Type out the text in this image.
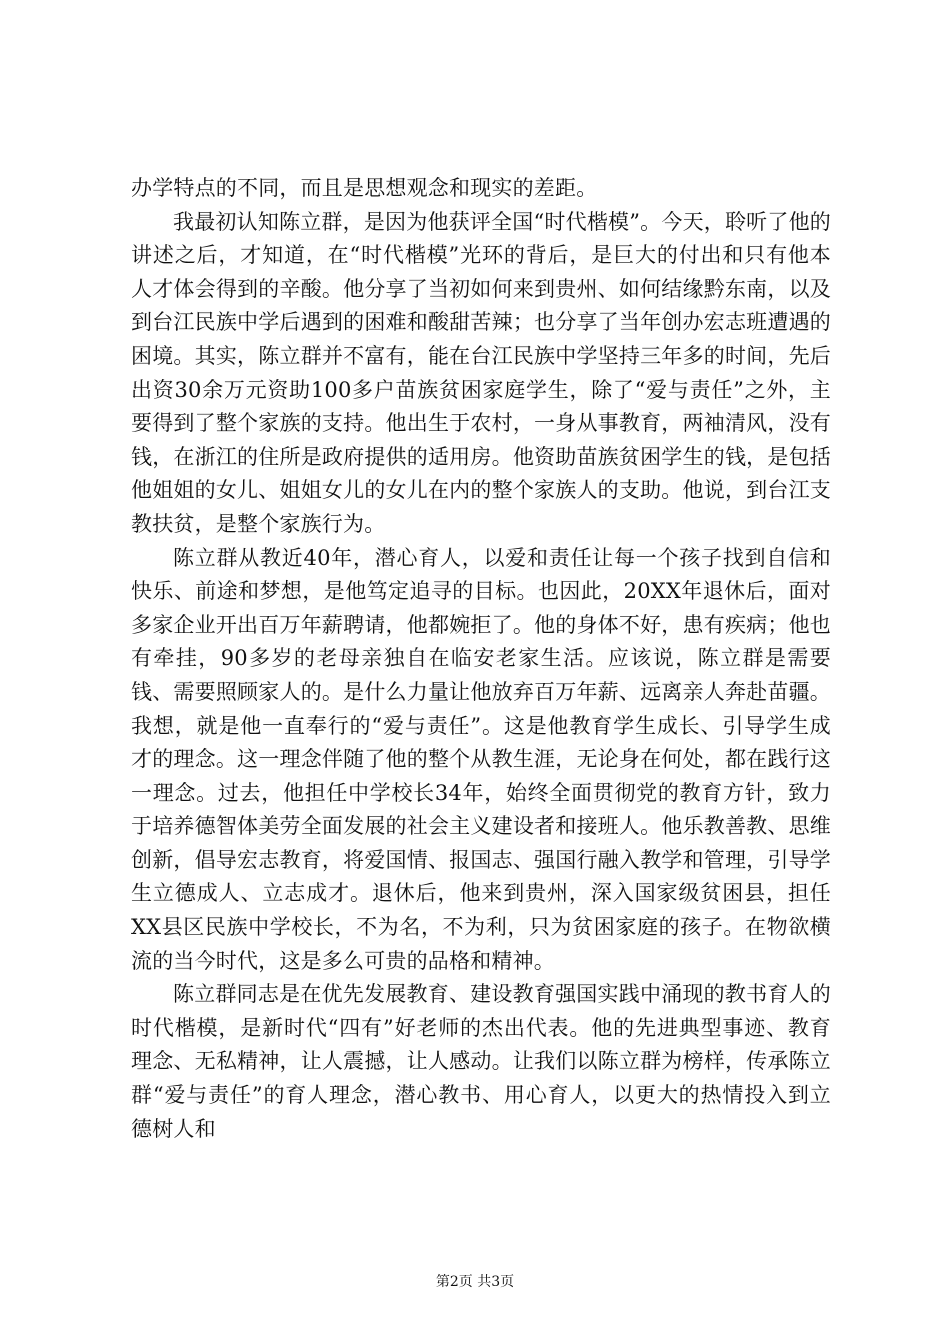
办学特点的不同，而且是思想观念和现实的差距。

我最初认知陈立群，是因为他获评全国“时代楷模”。今天，聆听了他的讲述之后，才知道，在“时代楷模”光环的背后，是巨大的付出和只有他本人才体会得到的辛酸。他分享了当初如何来到贵州、如何结缘黔东南，以及到台江民族中学后遇到的困难和酸甜苦辣；也分享了当年创办宏志班遭遇的困境。其实，陈立群并不富有，能在台江民族中学坚持三年多的时间，先后出资30余万元资助100多户苗族贫困家庭学生，除了“爱与责任”之外，主要得到了整个家族的支持。他出生于农村，一身从事教育，两袖清风，没有钱，在浙江的住所是政府提供的适用房。他资助苗族贫困学生的钱，是包括他姐姐的女儿、姐姐女儿的女儿在内的整个家族人的支助。他说，到台江支教扶贫，是整个家族行为。

陈立群从教近40年，潜心育人，以爱和责任让每一个孩子找到自信和快乐、前途和梦想，是他笃定追寻的目标。也因此，20XX年退休后，面对多家企业开出百万年薪聘请，他都婉拒了。他的身体不好，患有疾病；他也有牵挂，90多岁的老母亲独自在临安老家生活。应该说，陈立群是需要钱、需要照顾家人的。是什么力量让他放弃百万年薪、远离亲人奔赴苗疆。我想，就是他一直奉行的“爱与责任”。这是他教育学生成长、引导学生成才的理念。这一理念伴随了他的整个从教生涯，无论身在何处，都在践行这一理念。过去，他担任中学校长34年，始终全面贯彻党的教育方针，致力于培养德智体美劳全面发展的社会主义建设者和接班人。他乐教善教、思维创新，倡导宏志教育，将爱国情、报国志、强国行融入教学和管理，引导学生立德成人、立志成才。退休后，他来到贵州，深入国家级贫困县，担任XX县区民族中学校长，不为名，不为利，只为贫困家庭的孩子。在物欲横流的当今时代，这是多么可贵的品格和精神。

陈立群同志是在优先发展教育、建设教育强国实践中涌现的教书育人的时代楷模，是新时代“四有”好老师的杰出代表。他的先进典型事迹、教育理念、无私精神，让人震撼，让人感动。让我们以陈立群为榜样，传承陈立群“爱与责任”的育人理念，潜心教书、用心育人，以更大的热情投入到立德树人和

第2页 共3页
